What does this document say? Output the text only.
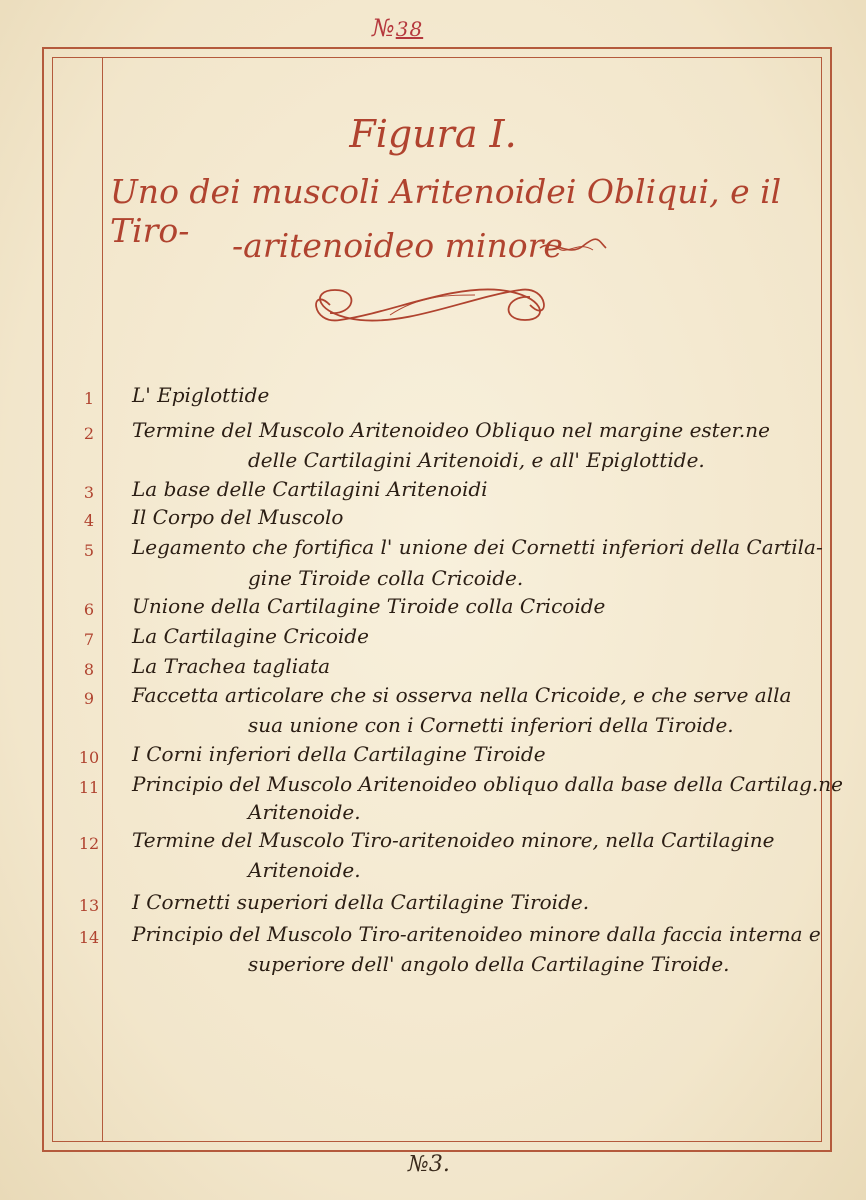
№38
Figura I.
Uno dei muscoli Aritenoidei Obliqui, e il Tiro-	-aritenoideo minore
1	L' Epiglottide
2	Termine del Muscolo Aritenoideo Obliquo nel margine ester.ne
delle Cartilagini Aritenoidi, e all' Epiglottide.
3	La base delle Cartilagini Aritenoidi
4	Il Corpo del Muscolo
5	Legamento che fortifica l' unione dei Cornetti inferiori della Cartila-
gine Tiroide colla Cricoide.
6	Unione della Cartilagine Tiroide colla Cricoide
7	La Cartilagine Cricoide
8	La Trachea tagliata
9	Faccetta articolare che si osserva nella Cricoide, e che serve alla
sua unione con i Cornetti inferiori della Tiroide.
10 I Corni inferiori della Cartilagine Tiroide
11 Principio del Muscolo Aritenoideo obliquo dalla base della Cartilag.ne
Aritenoide.
12 Termine del Muscolo Tiro-aritenoideo minore, nella Cartilagine
Aritenoide.
13 I Cornetti superiori della Cartilagine Tiroide.
14 Principio del Muscolo Tiro-aritenoideo minore dalla faccia interna e
superiore dell' angolo della Cartilagine Tiroide.
№3.
